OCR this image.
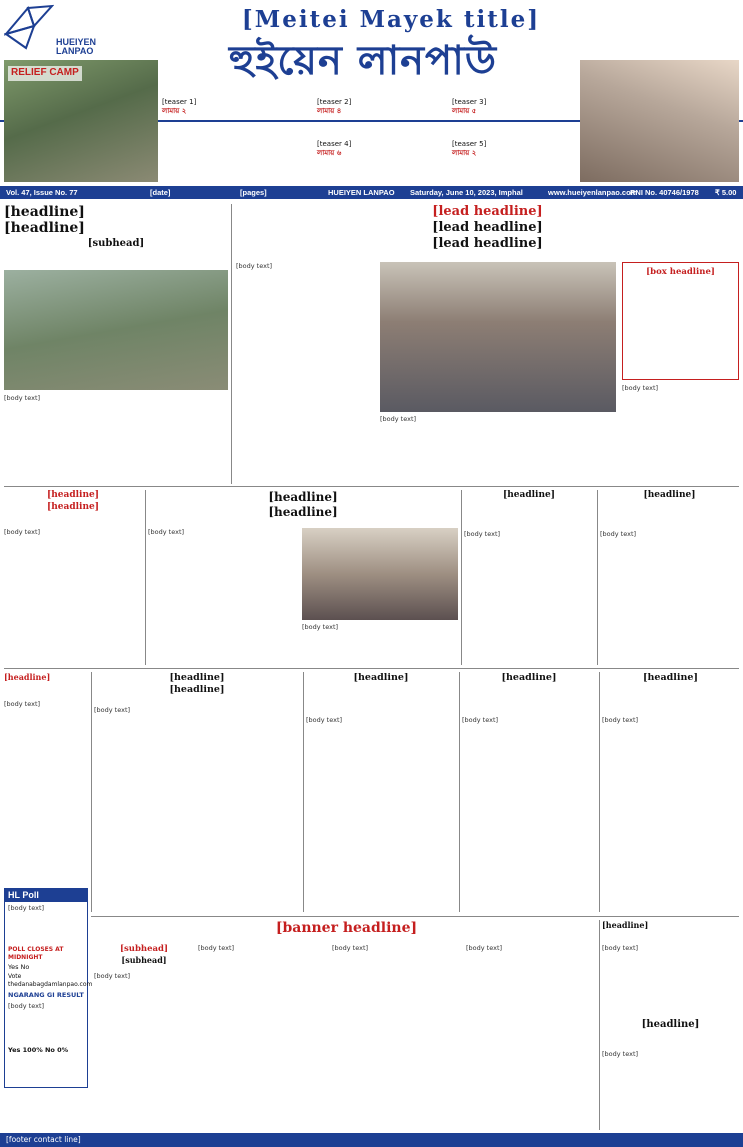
HUEIYEN
LANPAO
[Meitei Mayek title]
হুইয়েন লানপাউ
RELIEF CAMP
[teaser 1]
লামায় ২
[teaser 2]
লামায় ৪
[teaser 3]
লামায় ৫
[teaser 4]
লামায় ৬
[teaser 5]
লামায় ২
Vol. 47, Issue No. 77	[date]	[pages]	HUEIYEN LANPAO Saturday, June 10, 2023, Imphal	www.hueiyenlanpao.com
RNI No. 40746/1978 ₹ 5.00
[headline]
[headline]
[subhead]
[body text]
[lead headline]
[lead headline]
[lead headline]
[body text]
[body text]
[box headline]
[body text]
[headline]
[headline]
[body text]
[headline]
[headline]
[body text]
[body text]
[headline]
[body text]
[headline]
[body text]
[headline]
[body text]
HL Poll
[body text]
POLL CLOSES AT MIDNIGHT
Yes No
Vote thedanabagdamlanpao.com
NGARANG GI RESULT
[body text]
Yes 100% No 0%
[headline]
[headline]
[body text]
[headline]
[body text]
[headline]
[body text]
[headline]
[body text]
[banner headline]
[subhead]
[subhead]
[body text]
[body text]	[body text]	[body text]
[headline]
[body text]
[headline]
[body text]
[footer contact line]
